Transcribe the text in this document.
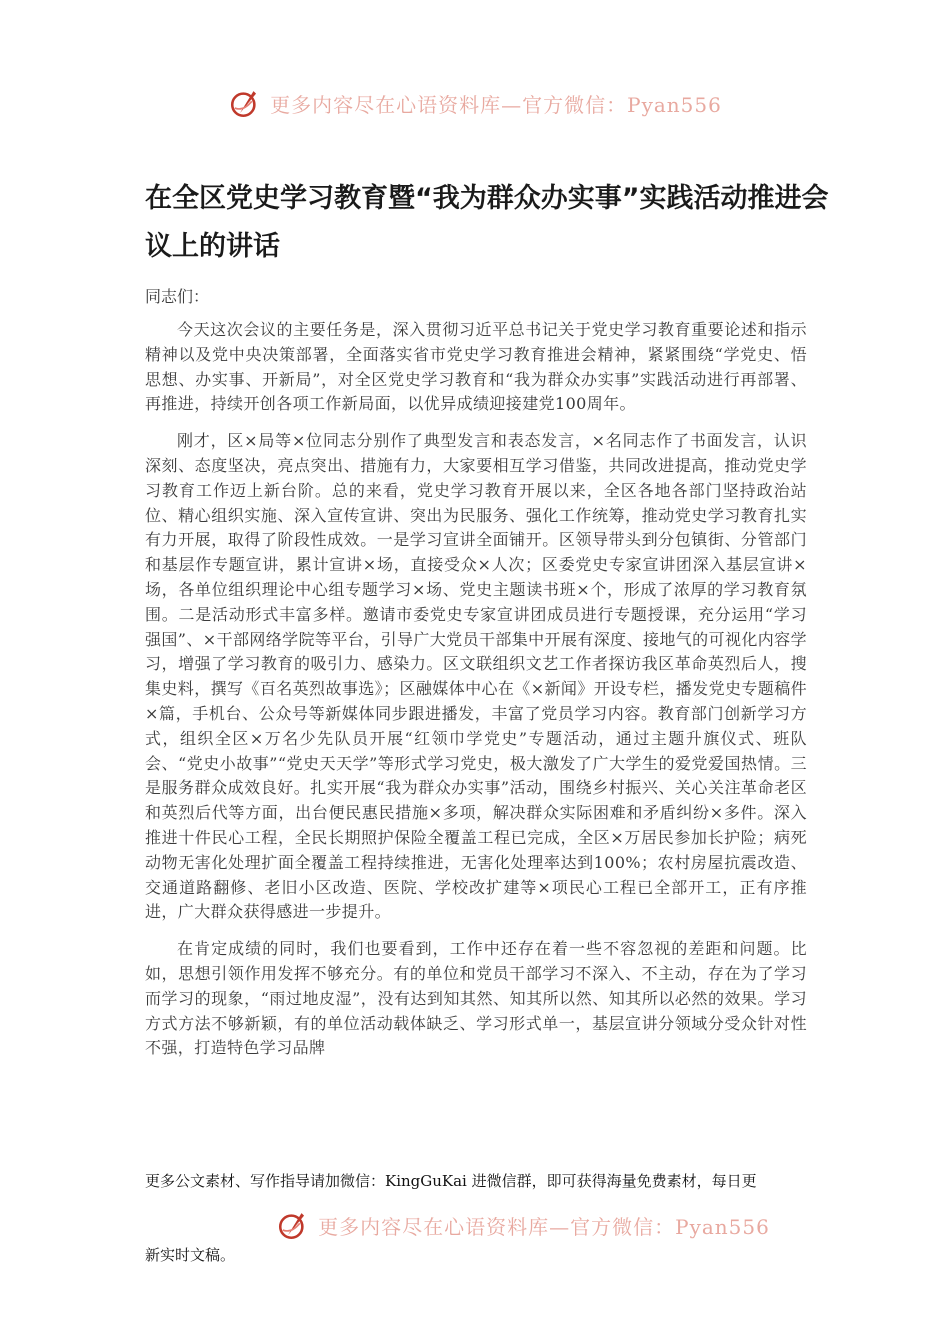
更多内容尽在心语资料库—官方微信：Pyan556
在全区党史学习教育暨“我为群众办实事”实践活动推进会议上的讲话

同志们：

今天这次会议的主要任务是，深入贯彻习近平总书记关于党史学习教育重要论述和指示精神以及党中央决策部署，全面落实省市党史学习教育推进会精神，紧紧围绕“学党史、悟思想、办实事、开新局”，对全区党史学习教育和“我为群众办实事”实践活动进行再部署、再推进，持续开创各项工作新局面，以优异成绩迎接建党100周年。

刚才，区×局等×位同志分别作了典型发言和表态发言，×名同志作了书面发言，认识深刻、态度坚决，亮点突出、措施有力，大家要相互学习借鉴，共同改进提高，推动党史学习教育工作迈上新台阶。总的来看，党史学习教育开展以来，全区各地各部门坚持政治站位、精心组织实施、深入宣传宣讲、突出为民服务、强化工作统筹，推动党史学习教育扎实有力开展，取得了阶段性成效。一是学习宣讲全面铺开。区领导带头到分包镇街、分管部门和基层作专题宣讲，累计宣讲×场，直接受众×人次；区委党史专家宣讲团深入基层宣讲×场，各单位组织理论中心组专题学习×场、党史主题读书班×个，形成了浓厚的学习教育氛围。二是活动形式丰富多样。邀请市委党史专家宣讲团成员进行专题授课，充分运用“学习强国”、×干部网络学院等平台，引导广大党员干部集中开展有深度、接地气的可视化内容学习，增强了学习教育的吸引力、感染力。区文联组织文艺工作者探访我区革命英烈后人，搜集史料，撰写《百名英烈故事选》；区融媒体中心在《×新闻》开设专栏，播发党史专题稿件×篇，手机台、公众号等新媒体同步跟进播发，丰富了党员学习内容。教育部门创新学习方式，组织全区×万名少先队员开展“红领巾学党史”专题活动，通过主题升旗仪式、班队会、“党史小故事”“党史天天学”等形式学习党史，极大激发了广大学生的爱党爱国热情。三是服务群众成效良好。扎实开展“我为群众办实事”活动，围绕乡村振兴、关心关注革命老区和英烈后代等方面，出台便民惠民措施×多项，解决群众实际困难和矛盾纠纷×多件。深入推进十件民心工程，全民长期照护保险全覆盖工程已完成，全区×万居民参加长护险；病死动物无害化处理扩面全覆盖工程持续推进，无害化处理率达到100%；农村房屋抗震改造、交通道路翻修、老旧小区改造、医院、学校改扩建等×项民心工程已全部开工，正有序推进，广大群众获得感进一步提升。

在肯定成绩的同时，我们也要看到，工作中还存在着一些不容忽视的差距和问题。比如，思想引领作用发挥不够充分。有的单位和党员干部学习不深入、不主动，存在为了学习而学习的现象，“雨过地皮湿”，没有达到知其然、知其所以然、知其所以必然的效果。学习方式方法不够新颖，有的单位活动载体缺乏、学习形式单一，基层宣讲分领域分受众针对性不强，打造特色学习品牌

更多公文素材、写作指导请加微信：KingGuKai 进微信群，即可获得海量免费素材，每日更

更多内容尽在心语资料库—官方微信：Pyan556

新实时文稿。
